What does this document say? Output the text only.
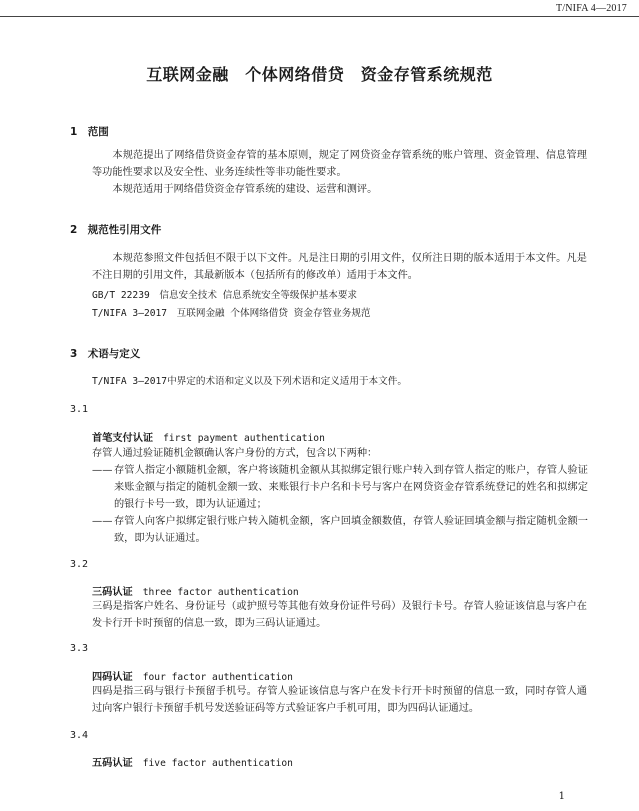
T/NIFA 4—2017
互联网金融　个体网络借贷　资金存管系统规范
1　范围
本规范提出了网络借贷资金存管的基本原则，规定了网贷资金存管系统的账户管理、资金管理、信息管理等功能性要求以及安全性、业务连续性等非功能性要求。
本规范适用于网络借贷资金存管系统的建设、运营和测评。
2　规范性引用文件
本规范参照文件包括但不限于以下文件。凡是注日期的引用文件，仅所注日期的版本适用于本文件。凡是不注日期的引用文件，其最新版本（包括所有的修改单）适用于本文件。
GB/T 22239　信息安全技术 信息系统安全等级保护基本要求
T/NIFA 3—2017　互联网金融 个体网络借贷 资金存管业务规范
3　术语与定义
T/NIFA 3—2017中界定的术语和定义以及下列术语和定义适用于本文件。
3.1
首笔支付认证 first payment authentication
存管人通过验证随机金额确认客户身份的方式，包含以下两种：
—— 存管人指定小额随机金额，客户将该随机金额从其拟绑定银行账户转入到存管人指定的账户，存管人验证来账金额与指定的随机金额一致、来账银行卡户名和卡号与客户在网贷资金存管系统登记的姓名和拟绑定的银行卡号一致，即为认证通过；
—— 存管人向客户拟绑定银行账户转入随机金额，客户回填金额数值，存管人验证回填金额与指定随机金额一致，即为认证通过。
3.2
三码认证 three factor authentication
三码是指客户姓名、身份证号（或护照号等其他有效身份证件号码）及银行卡号。存管人验证该信息与客户在发卡行开卡时预留的信息一致，即为三码认证通过。
3.3
四码认证 four factor authentication
四码是指三码与银行卡预留手机号。存管人验证该信息与客户在发卡行开卡时预留的信息一致，同时存管人通过向客户银行卡预留手机号发送验证码等方式验证客户手机可用，即为四码认证通过。
3.4
五码认证 five factor authentication
1
